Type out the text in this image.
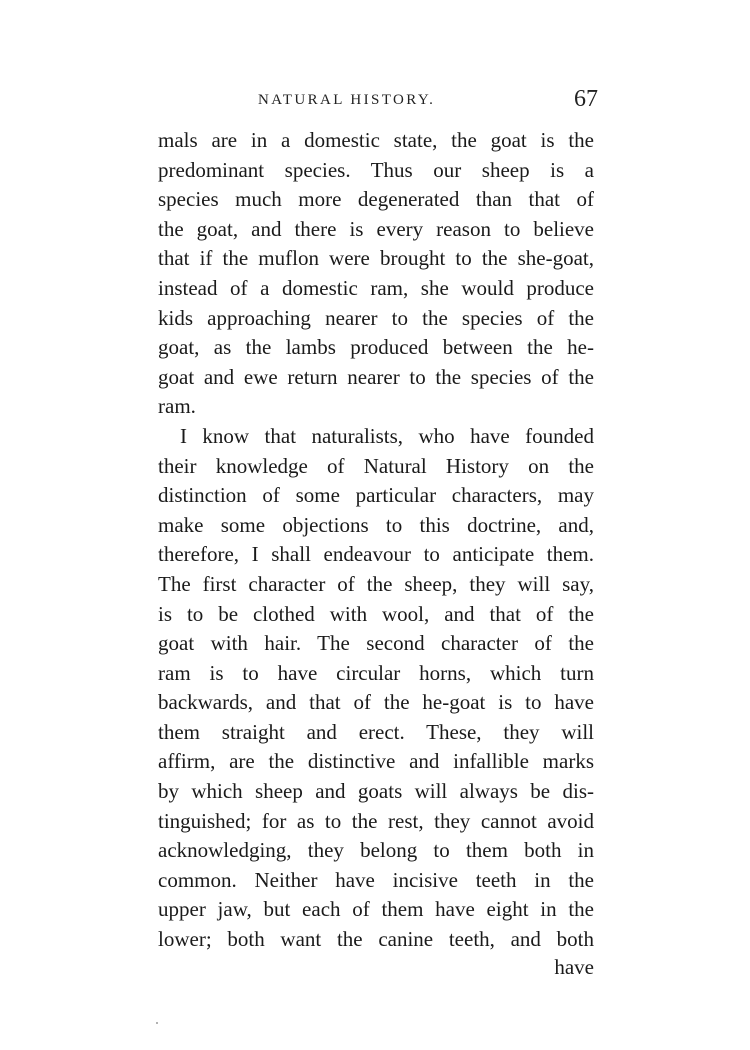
NATURAL HISTORY.	67
mals are in a domestic state, the goat is the
predominant species. Thus our sheep is a
species much more degenerated than that of
the goat, and there is every reason to believe
that if the muflon were brought to the she-goat,
instead of a domestic ram, she would produce
kids approaching nearer to the species of the
goat, as the lambs produced between the he-
goat and ewe return nearer to the species of the
ram.
I know that naturalists, who have founded
their knowledge of Natural History on the
distinction of some particular characters, may
make some objections to this doctrine, and,
therefore, I shall endeavour to anticipate them.
The first character of the sheep, they will say,
is to be clothed with wool, and that of the
goat with hair. The second character of the
ram is to have circular horns, which turn
backwards, and that of the he-goat is to have
them straight and erect. These, they will
affirm, are the distinctive and infallible marks
by which sheep and goats will always be dis-
tinguished; for as to the rest, they cannot avoid
acknowledging, they belong to them both in
common. Neither have incisive teeth in the
upper jaw, but each of them have eight in the
lower; both want the canine teeth, and both
have
